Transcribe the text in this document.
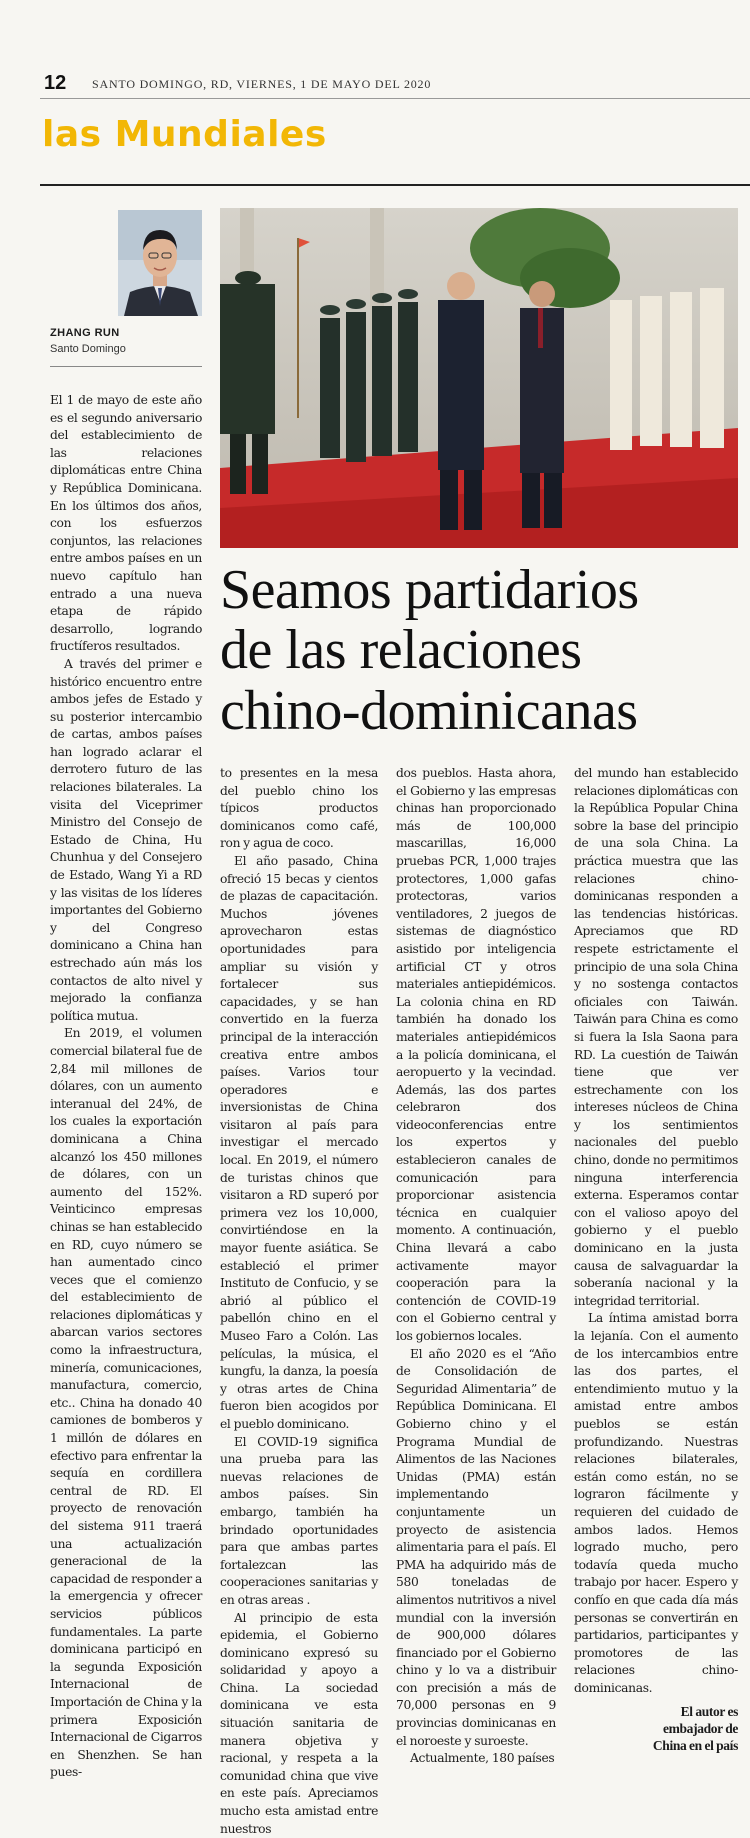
12 SANTO DOMINGO, RD, VIERNES, 1 DE MAYO DEL 2020
las Mundiales
ZHANG RUN
Santo Domingo
Seamos partidarios
de las relaciones
chino-dominicanas

El 1 de mayo de este año es el segundo aniversario del establecimiento de las relaciones diplomáticas entre China y República Dominicana. En los últimos dos años, con los esfuerzos conjuntos, las relaciones entre ambos países en un nuevo capítulo han entrado a una nueva etapa de rápido desarrollo, logrando fructíferos resultados.

A través del primer e histórico encuentro entre ambos jefes de Estado y su posterior intercambio de cartas, ambos países han logrado aclarar el derrotero futuro de las relaciones bilaterales. La visita del Viceprimer Ministro del Consejo de Estado de China, Hu Chunhua y del Consejero de Estado, Wang Yi a RD y las visitas de los líderes importantes del Gobierno y del Congreso dominicano a China han estrechado aún más los contactos de alto nivel y mejorado la confianza política mutua.

En 2019, el volumen comercial bilateral fue de 2,84 mil millones de dólares, con un aumento interanual del 24%, de los cuales la exportación dominicana a China alcanzó los 450 millones de dólares, con un aumento del 152%. Veinticinco empresas chinas se han establecido en RD, cuyo número se han aumentado cinco veces que el comienzo del establecimiento de relaciones diplomáticas y abarcan varios sectores como la infraestructura, minería, comunicaciones, manufactura, comercio, etc.. China ha donado 40 camiones de bomberos y 1 millón de dólares en efectivo para enfrentar la sequía en cordillera central de RD. El proyecto de renovación del sistema 911 traerá una actualización generacional de la capacidad de responder a la emergencia y ofrecer servicios públicos fundamentales. La parte dominicana participó en la segunda Exposición Internacional de Importación de China y la primera Exposición Internacional de Cigarros en Shenzhen. Se han pues-

to presentes en la mesa del pueblo chino los típicos productos dominicanos como café, ron y agua de coco.

El año pasado, China ofreció 15 becas y cientos de plazas de capacitación. Muchos jóvenes aprovecharon estas oportunidades para ampliar su visión y fortalecer sus capacidades, y se han convertido en la fuerza principal de la interacción creativa entre ambos países. Varios tour operadores e inversionistas de China visitaron al país para investigar el mercado local. En 2019, el número de turistas chinos que visitaron a RD superó por primera vez los 10,000, convirtiéndose en la mayor fuente asiática. Se estableció el primer Instituto de Confucio, y se abrió al público el pabellón chino en el Museo Faro a Colón. Las películas, la música, el kungfu, la danza, la poesía y otras artes de China fueron bien acogidos por el pueblo dominicano.

El COVID-19 significa una prueba para las nuevas relaciones de ambos países. Sin embargo, también ha brindado oportunidades para que ambas partes fortalezcan las cooperaciones sanitarias y en otras areas .

Al principio de esta epidemia, el Gobierno dominicano expresó su solidaridad y apoyo a China. La sociedad dominicana ve esta situación sanitaria de manera objetiva y racional, y respeta a la comunidad china que vive en este país. Apreciamos mucho esta amistad entre nuestros

dos pueblos. Hasta ahora, el Gobierno y las empresas chinas han proporcionado más de 100,000 mascarillas, 16,000 pruebas PCR, 1,000 trajes protectores, 1,000 gafas protectoras, varios ventiladores, 2 juegos de sistemas de diagnóstico asistido por inteligencia artificial CT y otros materiales antiepidémicos. La colonia china en RD también ha donado los materiales antiepidémicos a la policía dominicana, el aeropuerto y la vecindad. Además, las dos partes celebraron dos videoconferencias entre los expertos y establecieron canales de comunicación para proporcionar asistencia técnica en cualquier momento. A continuación, China llevará a cabo activamente mayor cooperación para la contención de COVID-19 con el Gobierno central y los gobiernos locales.

El año 2020 es el “Año de Consolidación de Seguridad Alimentaria” de República Dominicana. El Gobierno chino y el Programa Mundial de Alimentos de las Naciones Unidas (PMA) están implementando conjuntamente un proyecto de asistencia alimentaria para el país. El PMA ha adquirido más de 580 toneladas de alimentos nutritivos a nivel mundial con la inversión de 900,000 dólares financiado por el Gobierno chino y lo va a distribuir con precisión a más de 70,000 personas en 9 provincias dominicanas en el noroeste y suroeste.

Actualmente, 180 países

del mundo han establecido relaciones diplomáticas con la República Popular China sobre la base del principio de una sola China. La práctica muestra que las relaciones chino-dominicanas responden a las tendencias históricas. Apreciamos que RD respete estrictamente el principio de una sola China y no sostenga contactos oficiales con Taiwán. Taiwán para China es como si fuera la Isla Saona para RD. La cuestión de Taiwán tiene que ver estrechamente con los intereses núcleos de China y los sentimientos nacionales del pueblo chino, donde no permitimos ninguna interferencia externa. Esperamos contar con el valioso apoyo del gobierno y el pueblo dominicano en la justa causa de salvaguardar la soberanía nacional y la integridad territorial.

La íntima amistad borra la lejanía. Con el aumento de los intercambios entre las dos partes, el entendimiento mutuo y la amistad entre ambos pueblos se están profundizando. Nuestras relaciones bilaterales, están como están, no se lograron fácilmente y requieren del cuidado de ambos lados. Hemos logrado mucho, pero todavía queda mucho trabajo por hacer. Espero y confío en que cada día más personas se convertirán en partidarios, participantes y promotores de las relaciones chino-dominicanas.

El autor es
embajador de
China en el país
